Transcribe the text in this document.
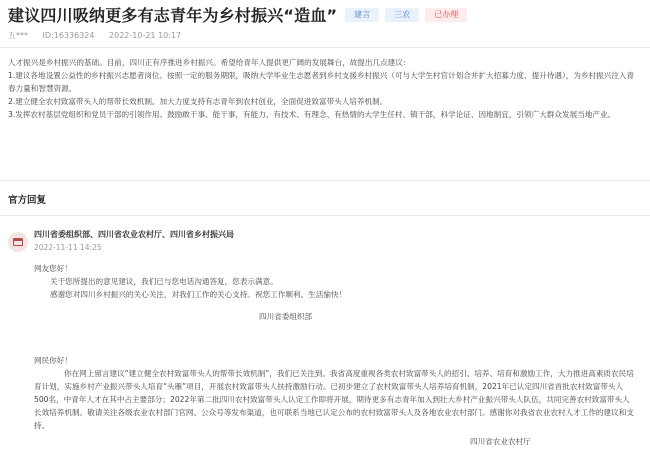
建议四川吸纳更多有志青年为乡村振兴“造血”	建言	三农	已办理
五*** ID:16336324 2022-10-21 10:17

人才振兴是乡村振兴的基础。目前，四川正有序推进乡村振兴。希望给青年人提供更广阔的发展舞台，故提出几点建议：

1.建议各地设置公益性的乡村振兴志愿者岗位。按照一定的服务期限，吸纳大学毕业生志愿者到乡村支援乡村振兴（可与大学生村官计划合并扩大招募力度、提升待遇），为乡村振兴注入青春力量和智慧资源。

2.建立健全农村致富带头人的帮带长效机制。加大力度支持有志青年到农村创业，全面促进致富带头人培养机制。

3.发挥农村基层党组织和党员干部的引领作用。鼓励敢干事、能干事，有能力、有技术、有理念、有热情的大学生任村、镇干部，科学论证、因地制宜，引领广大群众发展当地产业。

官方回复
四川省委组织部、四川省农业农村厅、四川省乡村振兴局
2022-11-11 14:25
网友您好！
关于您所提出的意见建议，我们已与您电话沟通答复，您表示满意。
感谢您对四川乡村振兴的关心关注，对我们工作的关心支持。祝您工作顺利、生活愉快！
四川省委组织部
网民你好！
你在网上留言建议“建立健全农村致富带头人的帮带长效机制”，我们已关注到。我省高度重视各类农村致富带头人的招引、培养、培育和激励工作，大力推进高素质农民培育计划，实施乡村产业振兴带头人培育“头雁”项目，开展农村致富带头人扶持激励行动。已初步建立了农村致富带头人培养培育机制，2021年已认定四川省首批农村致富带头人500名，中青年人才在其中占主要部分；2022年第二批四川农村致富带头人认定工作即将开展，期待更多有志青年加入到壮大乡村产业振兴带头人队伍，共同完善农村致富带头人长效培养机制。敬请关注各级农业农村部门官网、公众号等发布渠道，也可联系当地已认定公布的农村致富带头人及各地农业农村部门。感谢你对我省农业农村人才工作的建议和支持。
四川省农业农村厅
